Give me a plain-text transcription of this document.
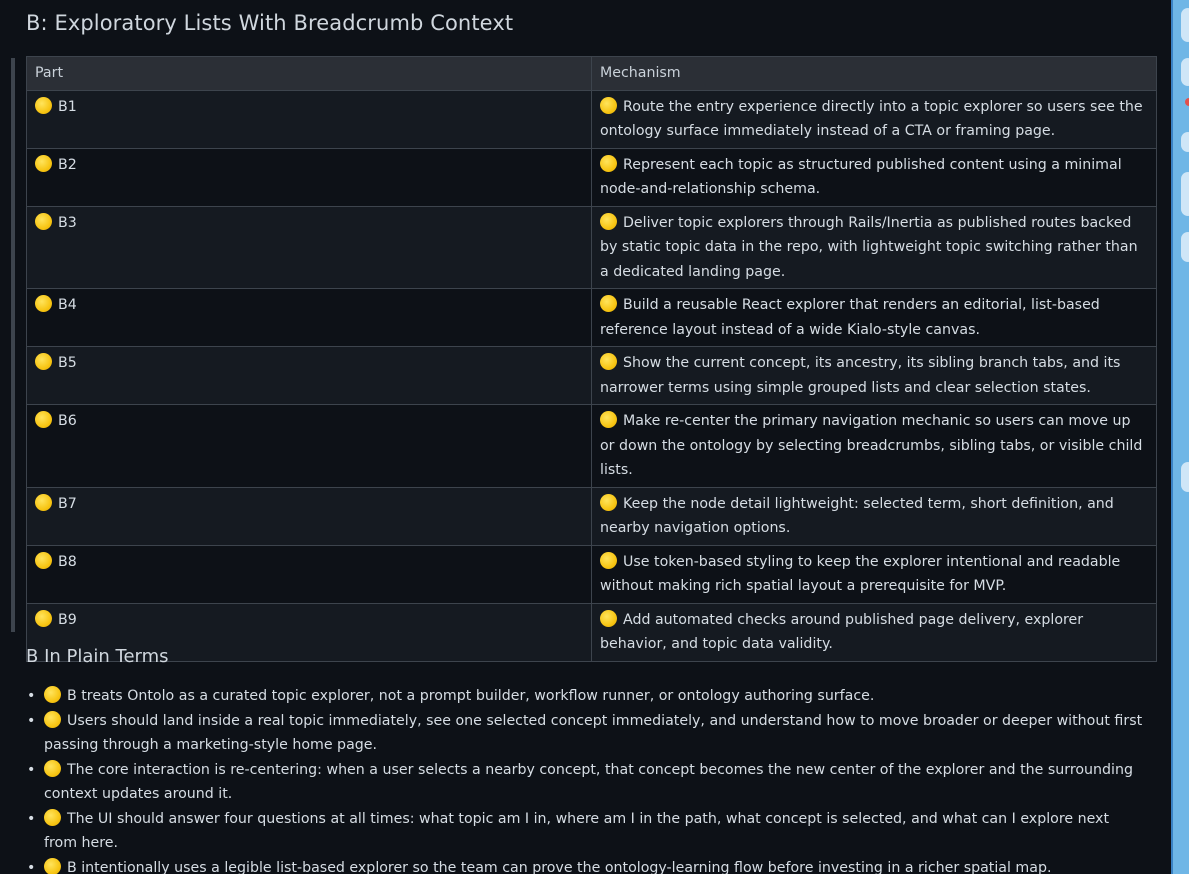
B: Exploratory Lists With Breadcrumb Context
Part	Mechanism
B1	Route the entry experience directly into a topic explorer so users see the ontology surface immediately instead of a CTA or framing page.
B2	Represent each topic as structured published content using a minimal node-and-relationship schema.
B3	Deliver topic explorers through Rails/Inertia as published routes backed by static topic data in the repo, with lightweight topic switching rather than a dedicated landing page.
B4	Build a reusable React explorer that renders an editorial, list-based reference layout instead of a wide Kialo-style canvas.
B5	Show the current concept, its ancestry, its sibling branch tabs, and its narrower terms using simple grouped lists and clear selection states.
B6	Make re-center the primary navigation mechanic so users can move up or down the ontology by selecting breadcrumbs, sibling tabs, or visible child lists.
B7	Keep the node detail lightweight: selected term, short definition, and nearby navigation options.
B8	Use token-based styling to keep the explorer intentional and readable without making rich spatial layout a prerequisite for MVP.
B9	Add automated checks around published page delivery, explorer behavior, and topic data validity.
B In Plain Terms
• B treats Ontolo as a curated topic explorer, not a prompt builder, workflow runner, or ontology authoring surface.
• Users should land inside a real topic immediately, see one selected concept immediately, and understand how to move broader or deeper without first passing through a marketing-style home page.
• The core interaction is re-centering: when a user selects a nearby concept, that concept becomes the new center of the explorer and the surrounding context updates around it.
• The UI should answer four questions at all times: what topic am I in, where am I in the path, what concept is selected, and what can I explore next from here.
• B intentionally uses a legible list-based explorer so the team can prove the ontology-learning flow before investing in a richer spatial map.
